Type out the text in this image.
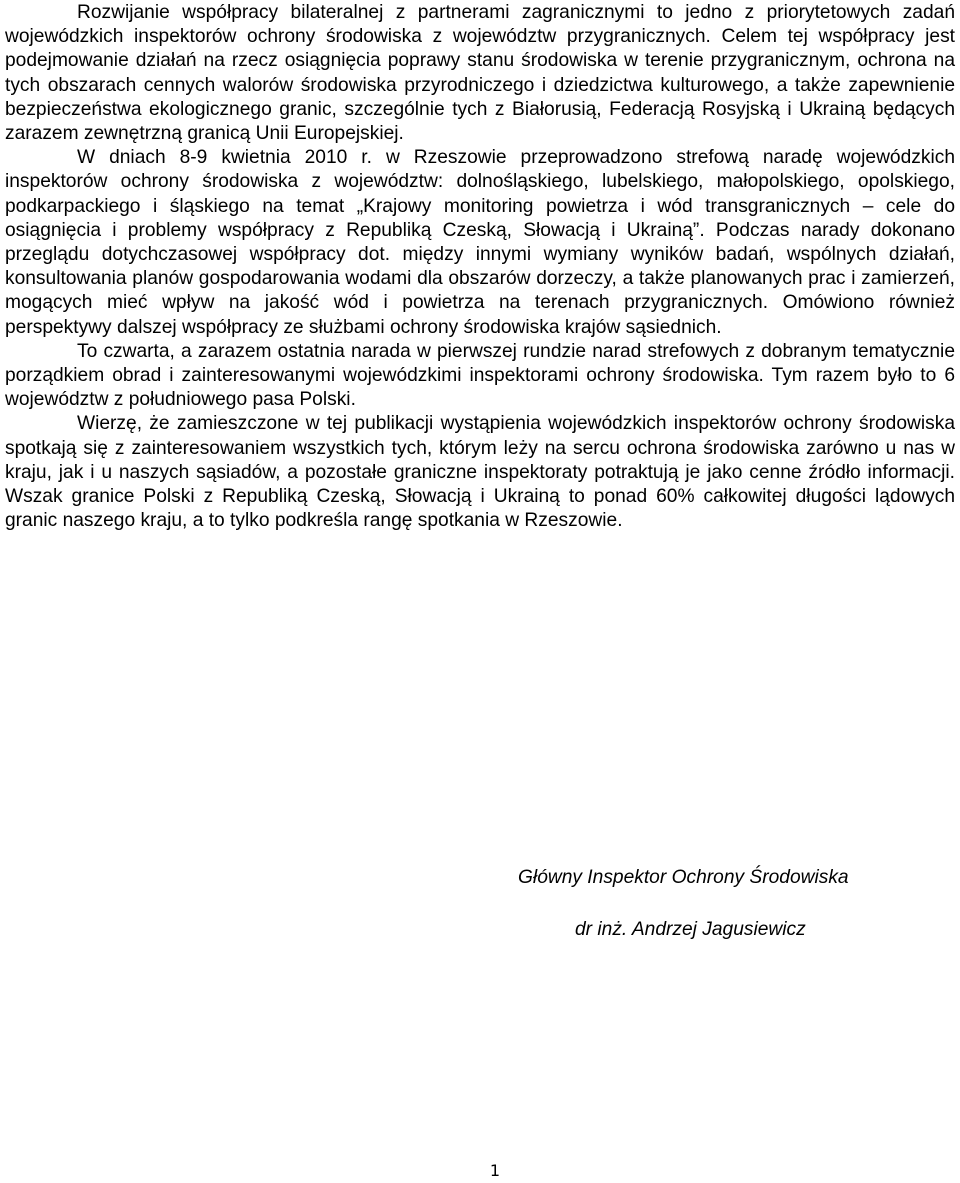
Rozwijanie współpracy bilateralnej z partnerami zagranicznymi to jedno z priorytetowych zadań wojewódzkich inspektorów ochrony środowiska z województw przygranicznych. Celem tej współpracy jest podejmowanie działań na rzecz osiągnięcia poprawy stanu środowiska w terenie przygranicznym, ochrona na tych obszarach cennych walorów środowiska przyrodniczego i dziedzictwa kulturowego, a także zapewnienie bezpieczeństwa ekologicznego granic, szczególnie tych z Białorusią, Federacją Rosyjską i Ukrainą będących zarazem zewnętrzną granicą Unii Europejskiej.

W dniach 8-9 kwietnia 2010 r. w Rzeszowie przeprowadzono strefową naradę wojewódzkich inspektorów ochrony środowiska z województw: dolnośląskiego, lubelskiego, małopolskiego, opolskiego, podkarpackiego i śląskiego na temat „Krajowy monitoring powietrza i wód transgranicznych – cele do osiągnięcia i problemy współpracy z Republiką Czeską, Słowacją i Ukrainą”. Podczas narady dokonano przeglądu dotychczasowej współpracy dot. między innymi wymiany wyników badań, wspólnych działań, konsultowania planów gospodarowania wodami dla obszarów dorzeczy, a także planowanych prac i zamierzeń, mogących mieć wpływ na jakość wód i powietrza na terenach przygranicznych. Omówiono również perspektywy dalszej współpracy ze służbami ochrony środowiska krajów sąsiednich.

To czwarta, a zarazem ostatnia narada w pierwszej rundzie narad strefowych z dobranym tematycznie porządkiem obrad i zainteresowanymi wojewódzkimi inspektorami ochrony środowiska. Tym razem było to 6 województw z południowego pasa Polski.

Wierzę, że zamieszczone w tej publikacji wystąpienia wojewódzkich inspektorów ochrony środowiska spotkają się z zainteresowaniem wszystkich tych, którym leży na sercu ochrona środowiska zarówno u nas w kraju, jak i u naszych sąsiadów, a pozostałe graniczne inspektoraty potraktują je jako cenne źródło informacji. Wszak granice Polski z Republiką Czeską, Słowacją i Ukrainą to ponad 60% całkowitej długości lądowych granic naszego kraju, a to tylko podkreśla rangę spotkania w Rzeszowie.

Główny Inspektor Ochrony Środowiska
dr inż. Andrzej Jagusiewicz
1
